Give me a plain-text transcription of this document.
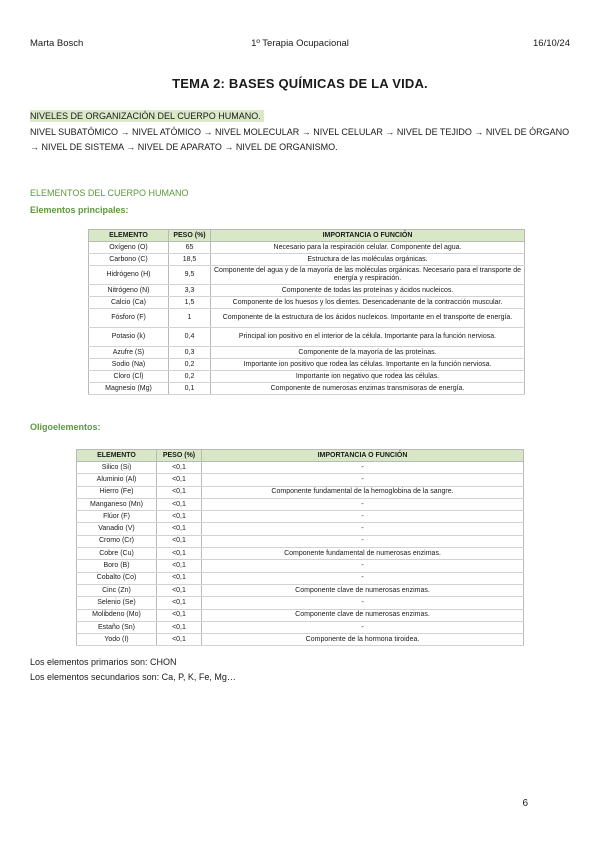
Marta Bosch	1º Terapia Ocupacional	16/10/24
TEMA 2: BASES QUÍMICAS DE LA VIDA.
NIVELES DE ORGANIZACIÓN DEL CUERPO HUMANO.
NIVEL SUBATÓMICO → NIVEL ATÓMICO → NIVEL MOLECULAR → NIVEL CELULAR → NIVEL DE TEJIDO → NIVEL DE ÓRGANO → NIVEL DE SISTEMA → NIVEL DE APARATO → NIVEL DE ORGANISMO.
ELEMENTOS DEL CUERPO HUMANO
Elementos principales:
ELEMENTO	PESO (%)	IMPORTANCIA O FUNCIÓN
Oxígeno (O)	65	Necesario para la respiración celular. Componente del agua.
Carbono (C)	18,5	Estructura de las moléculas orgánicas.
Hidrógeno (H)	9,5	Componente del agua y de la mayoría de las moléculas orgánicas. Necesario para el transporte de energía y respiración.
Nitrógeno (N)	3,3	Componente de todas las proteínas y ácidos nucleicos.
Calcio (Ca)	1,5	Componente de los huesos y los dientes. Desencadenante de la contracción muscular.
Fósforo (F)	1	Componente de la estructura de los ácidos nucleicos. Importante en el transporte de energía.
Potasio (k)	0,4	Principal ion positivo en el interior de la célula. Importante para la función nerviosa.
Azufre (S)	0,3	Componente de la mayoría de las proteínas.
Sodio (Na)	0,2	Importante ion positivo que rodea las células. Importante en la función nerviosa.
Cloro (Cl)	0,2	Importante ion negativo que rodea las células.
Magnesio (Mg)	0,1	Componente de numerosas enzimas transmisoras de energía.
Oligoelementos:
ELEMENTO	PESO (%)	IMPORTANCIA O FUNCIÓN
Silico (Si)	<0,1	-
Aluminio (Al)	<0,1	-
Hierro (Fe)	<0,1	Componente fundamental de la hemoglobina de la sangre.
Manganeso (Mn)	<0,1	-
Flúor (F)	<0,1	-
Vanadio (V)	<0,1	-
Cromo (Cr)	<0,1	-
Cobre (Cu)	<0,1	Componente fundamental de numerosas enzimas.
Boro (B)	<0,1	-
Cobalto (Co)	<0,1	-
Cinc (Zn)	<0,1	Componente clave de numerosas enzimas.
Selenio (Se)	<0,1	-
Molibdeno (Mo)	<0,1	Componente clave de numerosas enzimas.
Estaño (Sn)	<0,1	-
Yodo (I)	<0,1	Componente de la hormona tiroidea.
Los elementos primarios son: CHON
Los elementos secundarios son: Ca, P, K, Fe, Mg…
6
